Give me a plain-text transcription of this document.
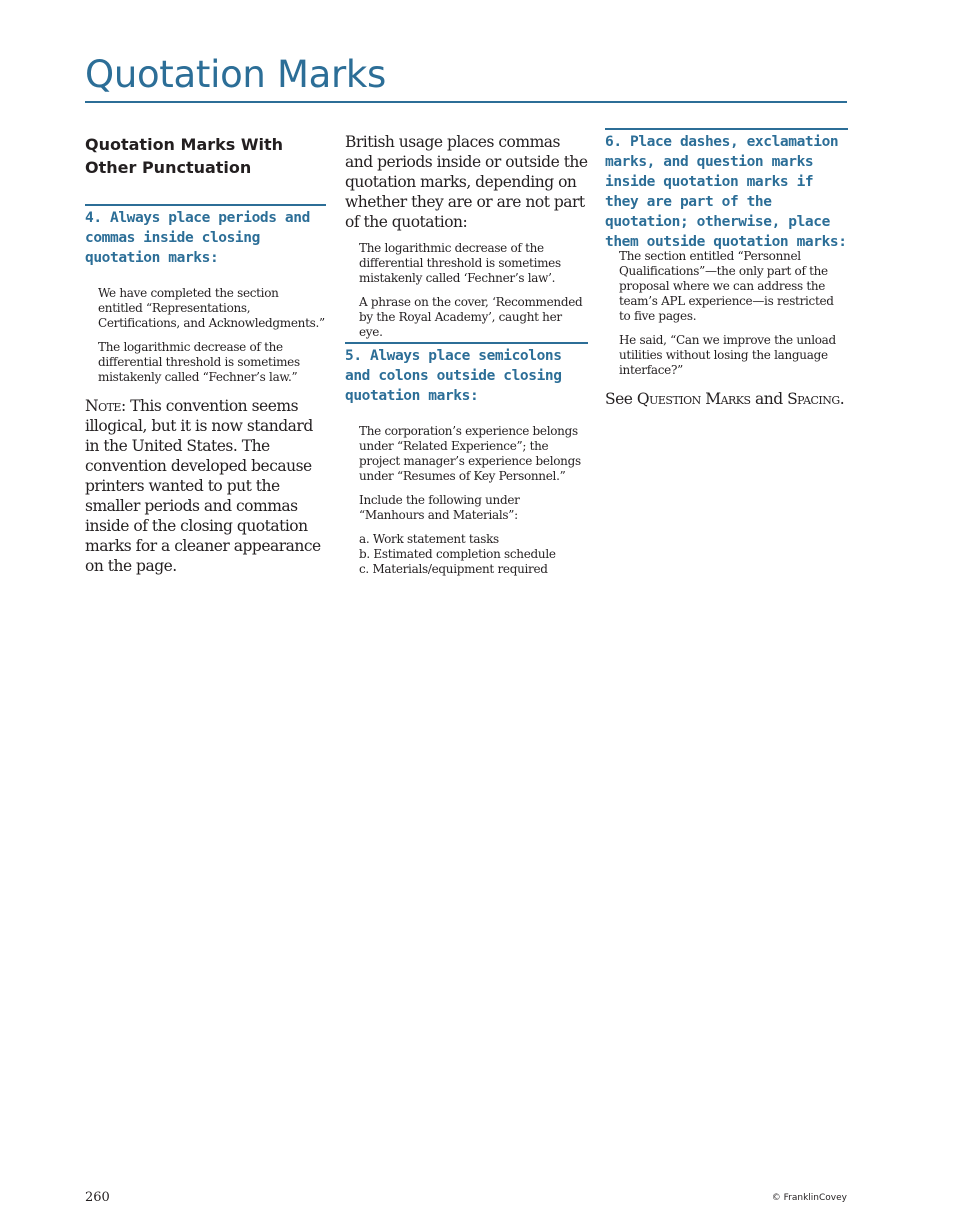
Quotation Marks
Quotation Marks With Other Punctuation
4. Always place periods and commas inside closing quotation marks:

We have completed the section entitled “Representations, Certifications, and Acknowledgments.”

The logarithmic decrease of the differential threshold is sometimes mistakenly called “Fechner’s law.”

Note: This convention seems illogical, but it is now standard in the United States. The convention developed because printers wanted to put the smaller periods and commas inside of the closing quotation marks for a cleaner appearance on the page.

British usage places commas and periods inside or outside the quotation marks, depending on whether they are or are not part of the quotation:

The logarithmic decrease of the differential threshold is sometimes mistakenly called ‘Fechner’s law’.

A phrase on the cover, ‘Recommended by the Royal Academy’, caught her eye.

5. Always place semicolons and colons outside closing quotation marks:

The corporation’s experience belongs under “Related Experience”; the project manager’s experience belongs under “Resumes of Key Personnel.”

Include the following under “Manhours and Materials”:

a. Work statement tasks
b. Estimated completion schedule
c. Materials/equipment required
6. Place dashes, exclamation marks, and question marks inside quotation marks if they are part of the quotation; otherwise, place them outside quotation marks:

The section entitled “Personnel Qualifications”—the only part of the proposal where we can address the team’s APL experience—is restricted to five pages.

He said, “Can we improve the unload utilities without losing the language interface?”

See Question Marks and Spacing.

260	© FranklinCovey
